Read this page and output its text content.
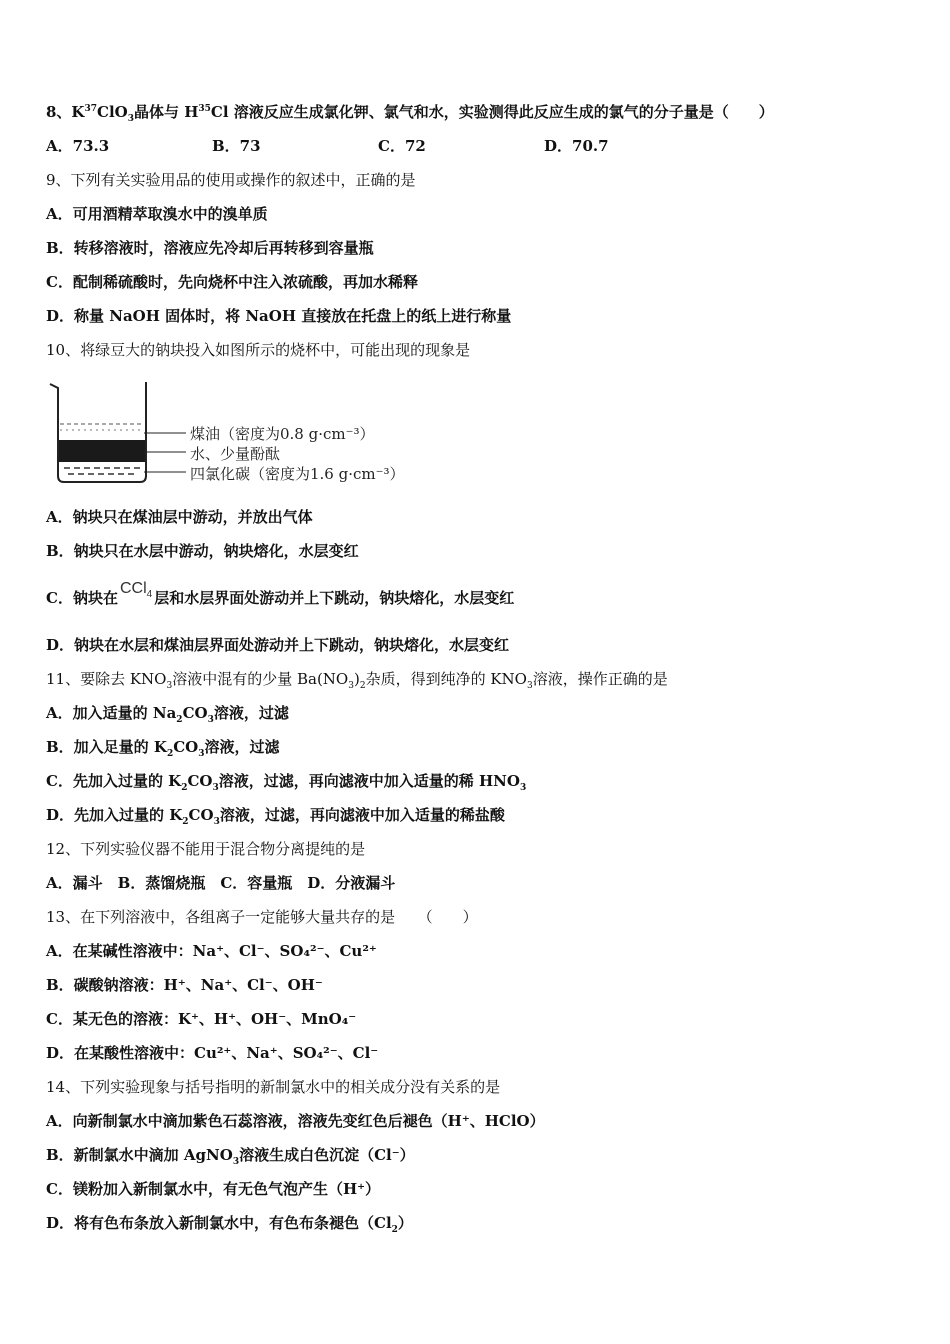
8、$K^{37}ClO_3$晶体与 $H^{35}Cl$ 溶液反应生成氯化钾、氯气和水，实验测得此反应生成的氯气的分子量是（　　）
A．73.3	B．73	C．72	D．70.7
9、下列有关实验用品的使用或操作的叙述中，正确的是
A．可用酒精萃取溴水中的溴单质
B．转移溶液时，溶液应先冷却后再转移到容量瓶
C．配制稀硫酸时，先向烧杯中注入浓硫酸，再加水稀释
D．称量 NaOH 固体时，将 NaOH 直接放在托盘上的纸上进行称量
10、将绿豆大的钠块投入如图所示的烧杯中，可能出现的现象是
煤油（密度为0.8 g·cm⁻³）
水、少量酚酞
四氯化碳（密度为1.6 g·cm⁻³）
A．钠块只在煤油层中游动，并放出气体
B．钠块只在水层中游动，钠块熔化，水层变红
C．钠块在CCl$_4$ 层和水层界面处游动并上下跳动，钠块熔化，水层变红
D．钠块在水层和煤油层界面处游动并上下跳动，钠块熔化，水层变红
11、要除去 $KNO_3$溶液中混有的少量 $Ba(NO_3)_2$杂质，得到纯净的 $KNO_3$溶液，操作正确的是
A．加入适量的 $Na_2CO_3$溶液，过滤
B．加入足量的 $K_2CO_3$溶液，过滤
C．先加入过量的 $K_2CO_3$溶液，过滤，再向滤液中加入适量的稀 $HNO_3$
D．先加入过量的 $K_2CO_3$溶液，过滤，再向滤液中加入适量的稀盐酸
12、下列实验仪器不能用于混合物分离提纯的是
A．漏斗　B．蒸馏烧瓶　C．容量瓶　D．分液漏斗
13、在下列溶液中，各组离子一定能够大量共存的是　　（　　）
A．在某碱性溶液中：Na⁺、Cl⁻、SO₄²⁻、Cu²⁺
B．碳酸钠溶液：H⁺、Na⁺、Cl⁻、OH⁻
C．某无色的溶液：K⁺、H⁺、OH⁻、MnO₄⁻
D．在某酸性溶液中：Cu²⁺、Na⁺、SO₄²⁻、Cl⁻
14、下列实验现象与括号指明的新制氯水中的相关成分没有关系的是
A．向新制氯水中滴加紫色石蕊溶液，溶液先变红色后褪色（H⁺、HClO）
B．新制氯水中滴加 AgNO$_3$溶液生成白色沉淀（Cl⁻）
C．镁粉加入新制氯水中，有无色气泡产生（H⁺）
D．将有色布条放入新制氯水中，有色布条褪色$(Cl_2)$
